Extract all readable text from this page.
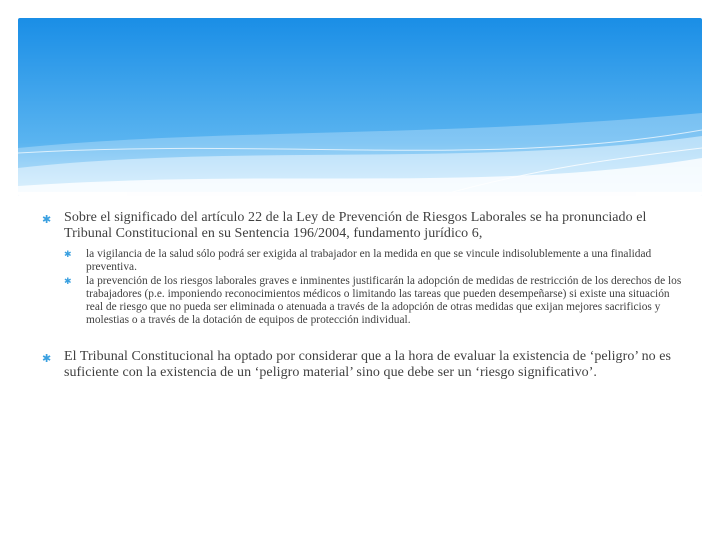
✱ Sobre el significado del artículo 22 de la Ley de Prevención de Riesgos Laborales se ha pronunciado el Tribunal Constitucional en su Sentencia 196/2004, fundamento jurídico 6,
✱ la vigilancia de la salud sólo podrá ser exigida al trabajador en la medida en que se vincule indisolublemente a una finalidad preventiva.
✱ la prevención de los riesgos laborales graves e inminentes justificarán la adopción de medidas de restricción de los derechos de los trabajadores (p.e. imponiendo reconocimientos médicos o limitando las tareas que pueden desempeñarse) si existe una situación real de riesgo que no pueda ser eliminada o atenuada a través de la adopción de otras medidas que exijan mejores sacrificios y molestias o a través de la dotación de equipos de protección individual.
✱ El Tribunal Constitucional ha optado por considerar que a la hora de evaluar la existencia de ‘peligro’ no es suficiente con la existencia de un ‘peligro material’ sino que debe ser un ‘riesgo significativo’.
